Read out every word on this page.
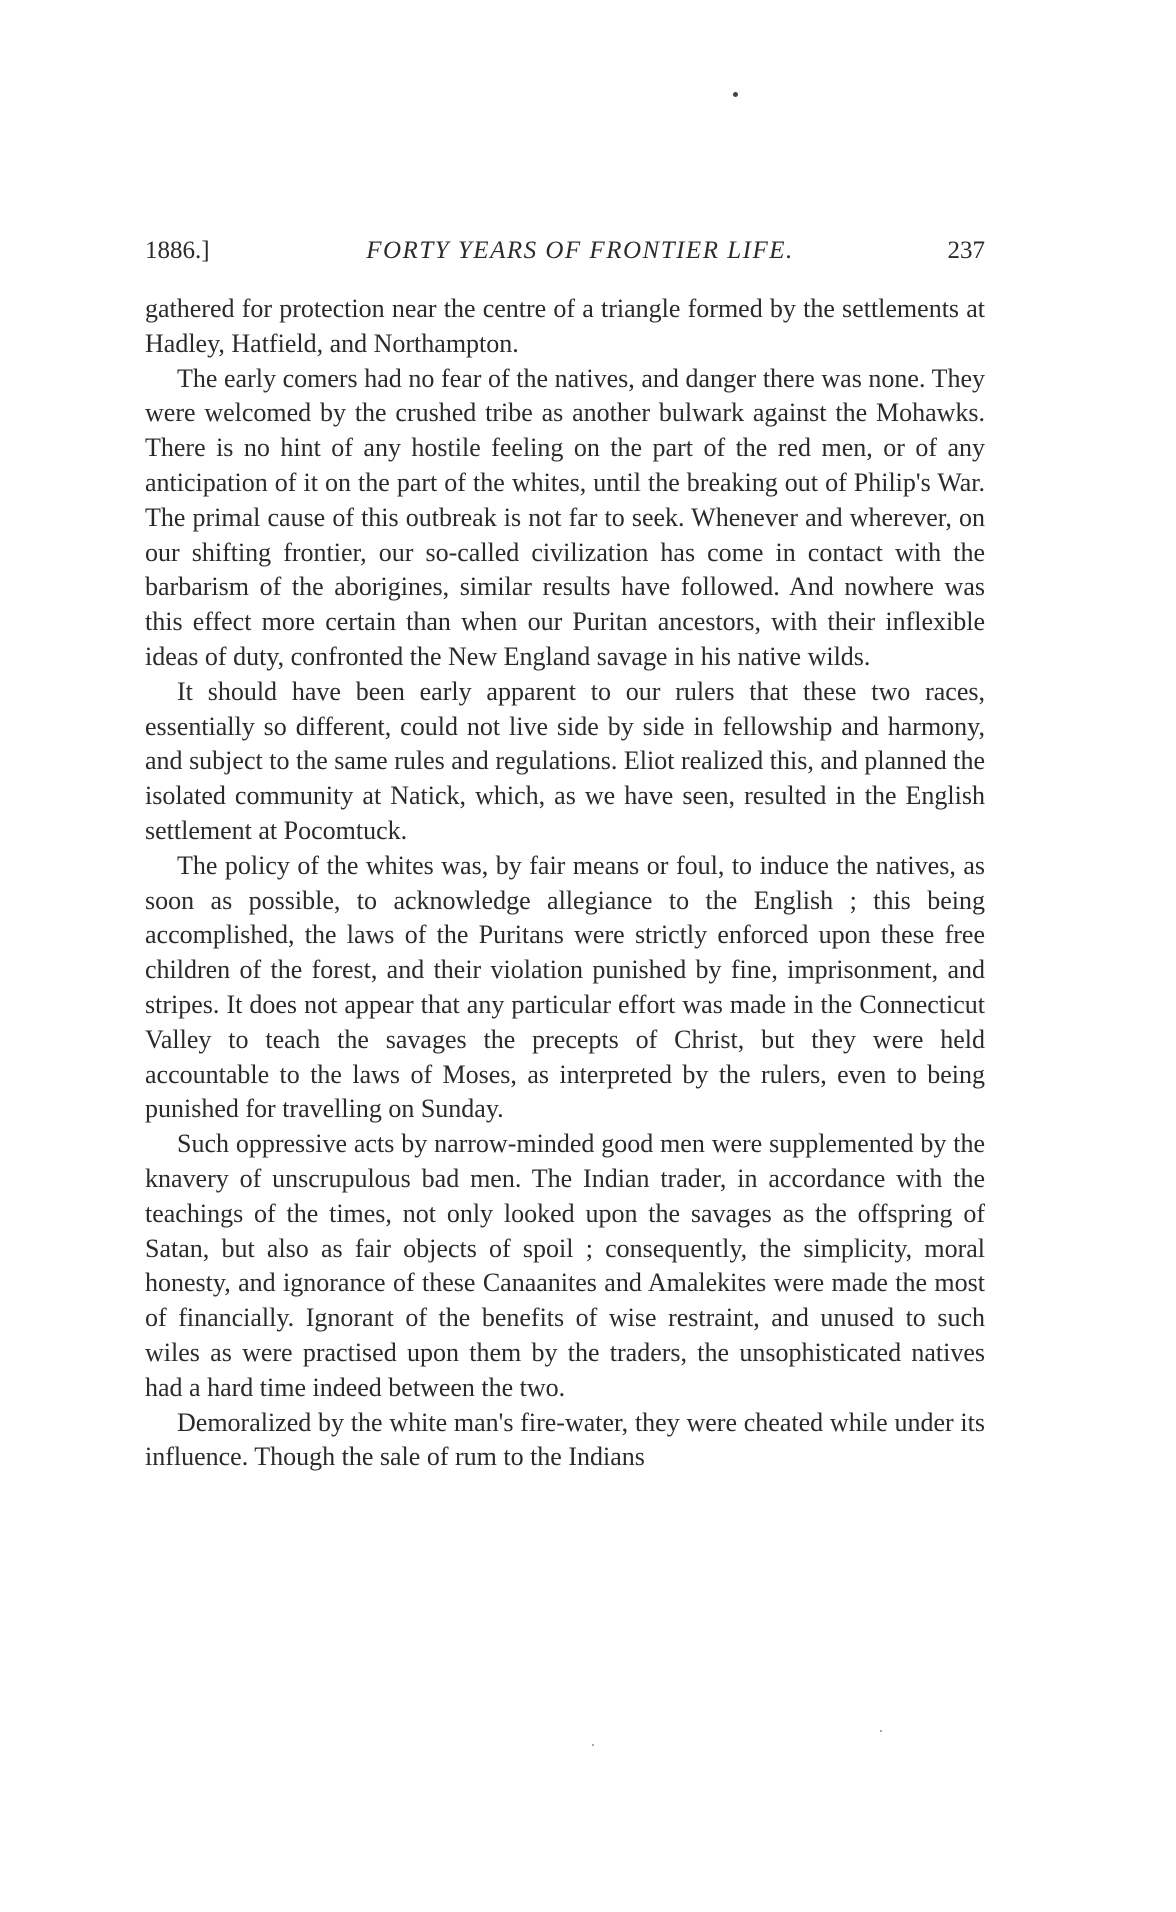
1886.]	FORTY YEARS OF FRONTIER LIFE.	237

gathered for protection near the centre of a triangle formed by the settlements at Hadley, Hatfield, and Northampton.

The early comers had no fear of the natives, and danger there was none. They were welcomed by the crushed tribe as another bulwark against the Mohawks. There is no hint of any hostile feeling on the part of the red men, or of any anticipation of it on the part of the whites, until the breaking out of Philip's War. The primal cause of this outbreak is not far to seek. Whenever and wherever, on our shifting frontier, our so-called civilization has come in contact with the barbarism of the aborigines, similar results have followed. And nowhere was this effect more certain than when our Puritan ancestors, with their inflexible ideas of duty, confronted the New England savage in his native wilds.

It should have been early apparent to our rulers that these two races, essentially so different, could not live side by side in fellowship and harmony, and subject to the same rules and regulations. Eliot realized this, and planned the isolated community at Natick, which, as we have seen, resulted in the English settlement at Pocomtuck.

The policy of the whites was, by fair means or foul, to induce the natives, as soon as possible, to acknowledge allegiance to the English ; this being accomplished, the laws of the Puritans were strictly enforced upon these free children of the forest, and their violation punished by fine, imprisonment, and stripes. It does not appear that any particular effort was made in the Connecticut Valley to teach the savages the precepts of Christ, but they were held accountable to the laws of Moses, as interpreted by the rulers, even to being punished for travelling on Sunday.

Such oppressive acts by narrow-minded good men were supplemented by the knavery of unscrupulous bad men. The Indian trader, in accordance with the teachings of the times, not only looked upon the savages as the offspring of Satan, but also as fair objects of spoil ; consequently, the simplicity, moral honesty, and ignorance of these Canaanites and Amalekites were made the most of financially. Ignorant of the benefits of wise restraint, and unused to such wiles as were practised upon them by the traders, the unsophisticated natives had a hard time indeed between the two.

Demoralized by the white man's fire-water, they were cheated while under its influence. Though the sale of rum to the Indians
